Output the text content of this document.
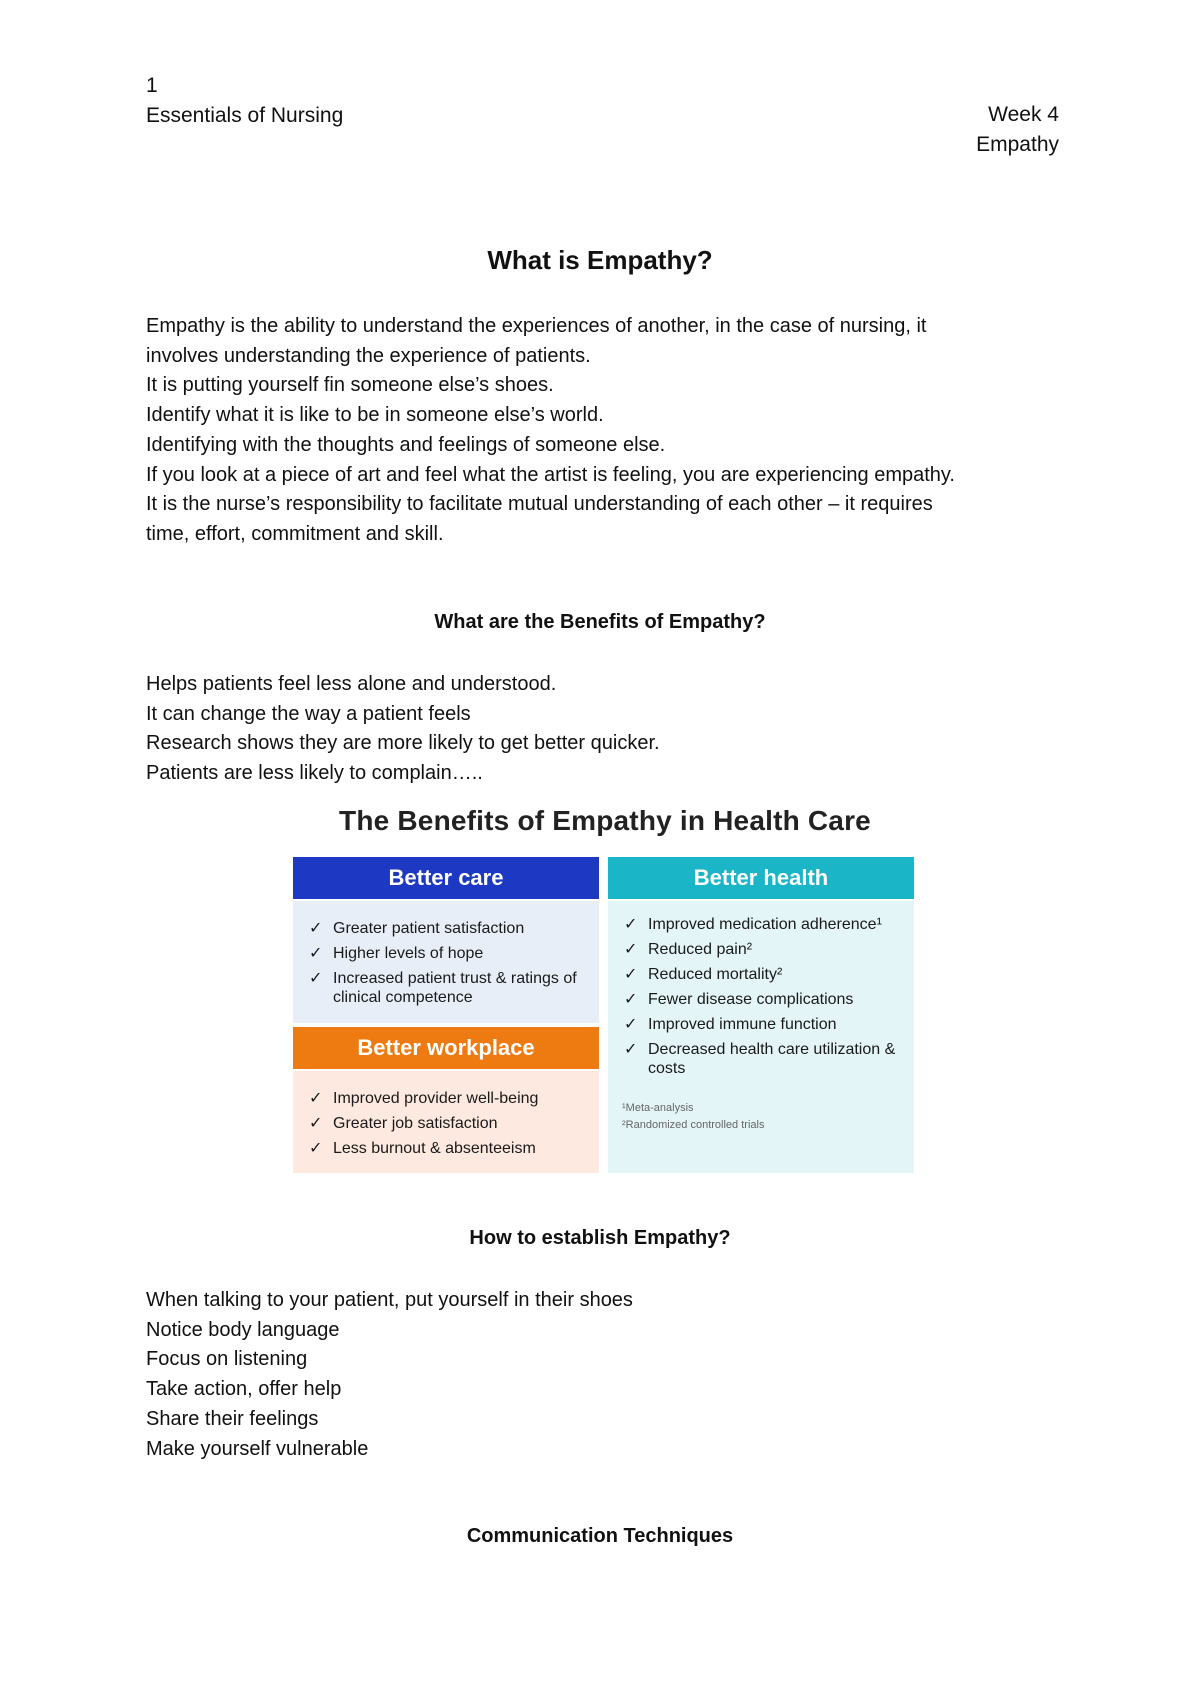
1
Essentials of Nursing	Week 4
Empathy
What is Empathy?
Empathy is the ability to understand the experiences of another, in the case of nursing, it
involves understanding the experience of patients.
It is putting yourself fin someone else’s shoes.
Identify what it is like to be in someone else’s world.
Identifying with the thoughts and feelings of someone else.
If you look at a piece of art and feel what the artist is feeling, you are experiencing empathy.
It is the nurse’s responsibility to facilitate mutual understanding of each other – it requires
time, effort, commitment and skill.
What are the Benefits of Empathy?
Helps patients feel less alone and understood.
It can change the way a patient feels
Research shows they are more likely to get better quicker.
Patients are less likely to complain…..
The Benefits of Empathy in Health Care
Better care
✓ Greater patient satisfaction
✓ Higher levels of hope
✓ Increased patient trust & ratings of clinical competence
Better workplace
✓ Improved provider well-being
✓ Greater job satisfaction
✓ Less burnout & absenteeism
Better health
✓ Improved medication adherence¹
✓ Reduced pain²
✓ Reduced mortality²
✓ Fewer disease complications
✓ Improved immune function
✓ Decreased health care utilization & costs
¹Meta-analysis
²Randomized controlled trials
How to establish Empathy?
When talking to your patient, put yourself in their shoes
Notice body language
Focus on listening
Take action, offer help
Share their feelings
Make yourself vulnerable
Communication Techniques
